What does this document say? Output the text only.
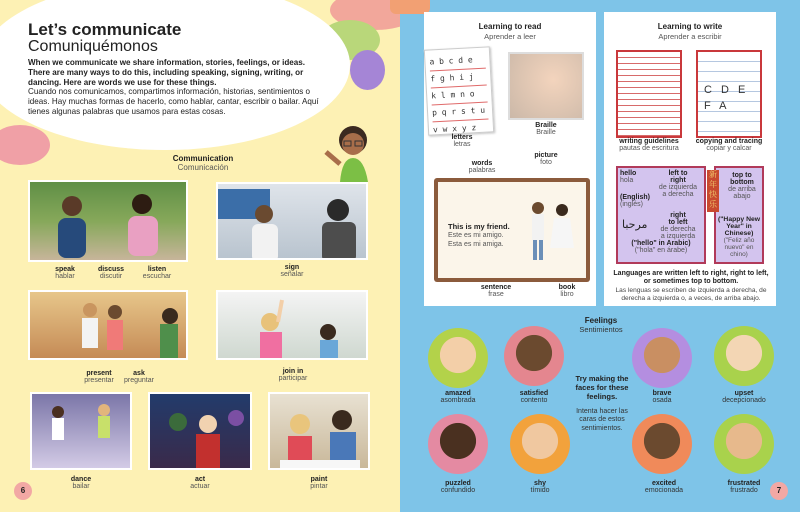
Let’s communicate
Comuniquémonos
When we communicate we share information, stories, feelings, or ideas. There are many ways to do this, including speaking, signing, writing, or dancing. Here are words we use for these things.
Cuando nos comunicamos, compartimos información, historias, sentimientos o ideas. Hay muchas formas de hacerlo, como hablar, cantar, escribir o bailar. Aquí tienes algunas palabras que usamos para estas cosas.
Communication
Comunicación
speak
hablar
discuss
discutir
listen
escuchar
sign
señalar
present
presentar
ask
preguntar
join in
participar
dance
bailar
act
actuar
paint
pintar
6
Learning to read
Aprender a leer
a b c d e
f g h i j
k l m n o
p q r s t u
v w x y z
letters
letras
Braille
Braille
words
palabras
picture
foto
This is my friend.
Este es mi amigo.
Esta es mi amiga.
sentence
frase
book
libro
Learning to write
Aprender a escribir
C D E F A
writing guidelines
pautas de escritura
copying and tracing
copiar y calcar
hello
hola
(English)
(inglés)
left to
right
de izquierda
a derecha
right
to left
de derecha
a izquierda
مرحبا
("hello" in Arabic)
("hola" en árabe)
新年快乐
top to
bottom
de arriba
abajo
("Happy New Year" in Chinese)
("Feliz año nuevo" en chino)
Languages are written left to right, right to left, or sometimes top to bottom.
Las lenguas se escriben de izquierda a derecha, de derecha a izquierda o, a veces, de arriba abajo.
Feelings
Sentimientos
Try making the faces for these feelings.
Intenta hacer las caras de estos sentimientos.
amazed
asombrada
satisfied
contento
brave
osada
upset
decepcionado
puzzled
confundido
shy
tímido
excited
emocionada
frustrated
frustrado	7
